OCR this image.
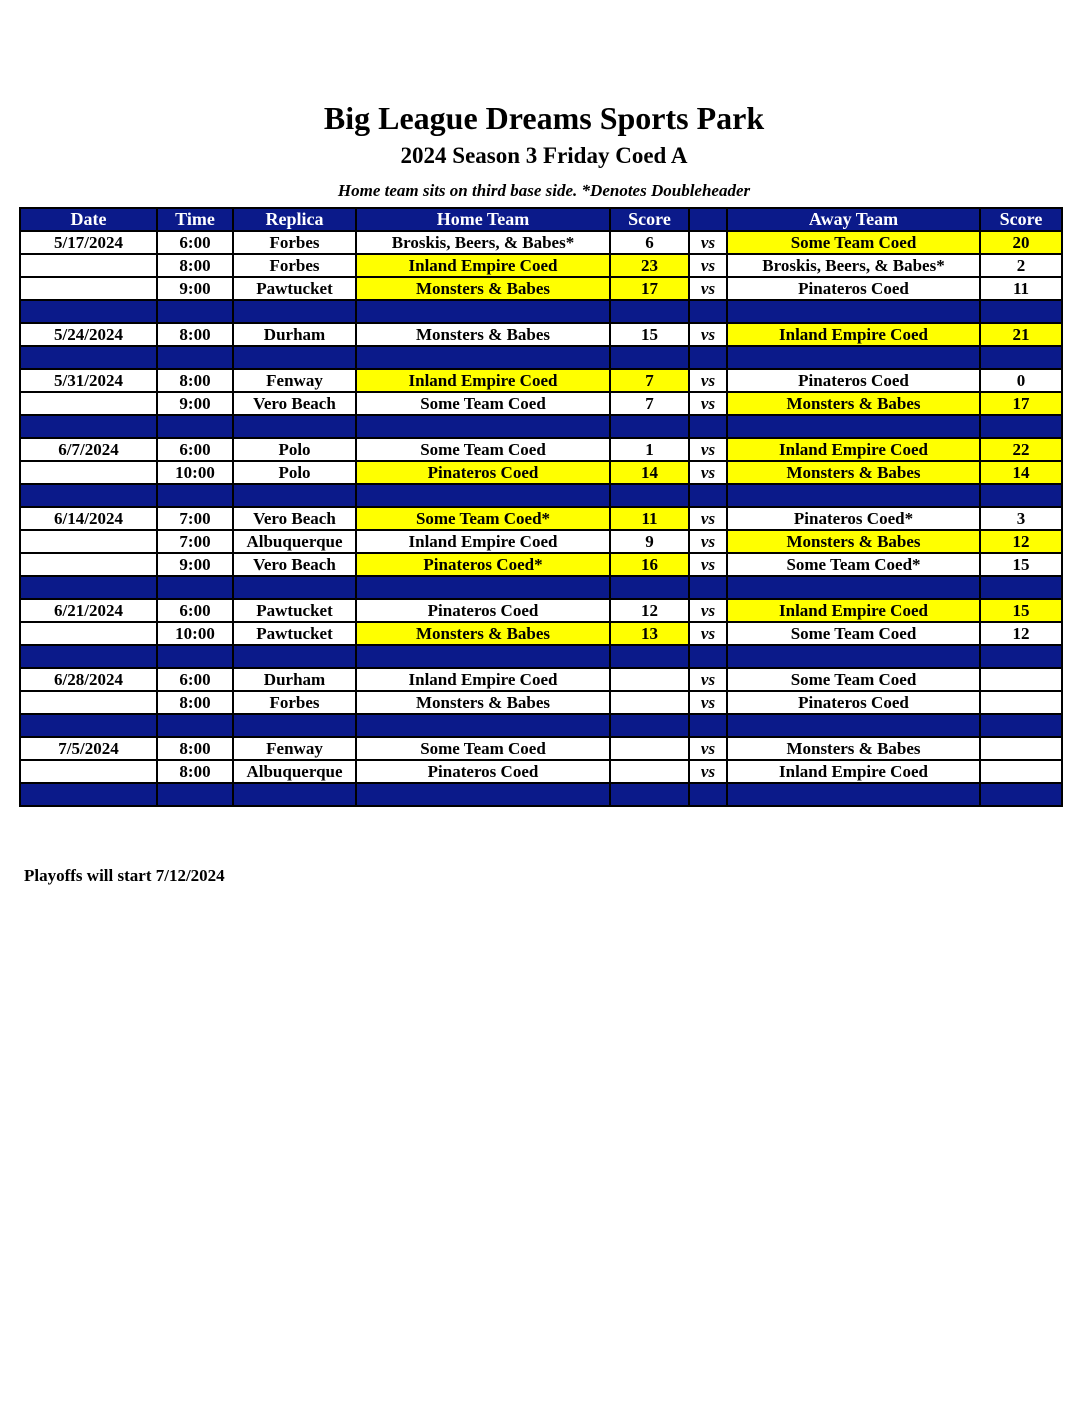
Big League Dreams Sports Park
2024 Season 3 Friday Coed A
Home team sits on third base side. *Denotes Doubleheader
Date	Time	Replica	Home Team	Score		Away Team	Score
5/17/2024	6:00	Forbes	Broskis, Beers, & Babes*	6	vs	Some Team Coed	20
	8:00	Forbes	Inland Empire Coed	23	vs	Broskis, Beers, & Babes*	2
	9:00	Pawtucket	Monsters & Babes	17	vs	Pinateros Coed	11

5/24/2024	8:00	Durham	Monsters & Babes	15	vs	Inland Empire Coed	21

5/31/2024	8:00	Fenway	Inland Empire Coed	7	vs	Pinateros Coed	0
	9:00	Vero Beach	Some Team Coed	7	vs	Monsters & Babes	17

6/7/2024	6:00	Polo	Some Team Coed	1	vs	Inland Empire Coed	22
	10:00	Polo	Pinateros Coed	14	vs	Monsters & Babes	14

6/14/2024	7:00	Vero Beach	Some Team Coed*	11	vs	Pinateros Coed*	3
	7:00	Albuquerque	Inland Empire Coed	9	vs	Monsters & Babes	12
	9:00	Vero Beach	Pinateros Coed*	16	vs	Some Team Coed*	15

6/21/2024	6:00	Pawtucket	Pinateros Coed	12	vs	Inland Empire Coed	15
	10:00	Pawtucket	Monsters & Babes	13	vs	Some Team Coed	12

6/28/2024	6:00	Durham	Inland Empire Coed		vs	Some Team Coed	
	8:00	Forbes	Monsters & Babes		vs	Pinateros Coed	

7/5/2024	8:00	Fenway	Some Team Coed		vs	Monsters & Babes	
	8:00	Albuquerque	Pinateros Coed		vs	Inland Empire Coed	

Playoffs will start 7/12/2024
